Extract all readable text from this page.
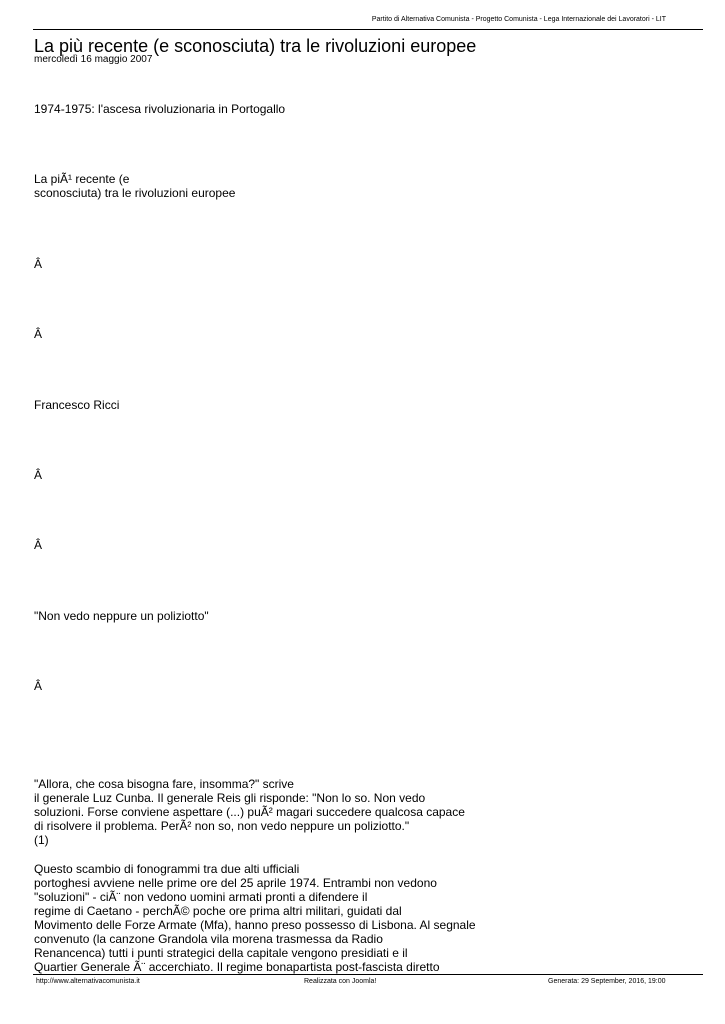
Partito di Alternativa Comunista - Progetto Comunista - Lega Internazionale dei Lavoratori - LIT
La più recente (e sconosciuta) tra le rivoluzioni europee
mercoledì 16 maggio 2007
1974-1975: l'ascesa rivoluzionaria in Portogallo
La piÃ¹ recente (e
sconosciuta) tra le rivoluzioni europee
Â
Â
Francesco Ricci
Â
Â
"Non vedo neppure un poliziotto"
Â
"Allora, che cosa bisogna fare, insomma?" scrive
il generale Luz Cunba. Il generale Reis gli risponde: "Non lo so. Non vedo
soluzioni. Forse conviene aspettare (...) puÃ² magari succedere qualcosa capace
di risolvere il problema. PerÃ² non so, non vedo neppure un poliziotto."
(1)
Questo scambio di fonogrammi tra due alti ufficiali
portoghesi avviene nelle prime ore del 25 aprile 1974. Entrambi non vedono
"soluzioni" - ciÃ¨ non vedono uomini armati pronti a difendere il
regime di Caetano - perchÃ© poche ore prima altri militari, guidati dal
Movimento delle Forze Armate (Mfa), hanno preso possesso di Lisbona. Al segnale
convenuto (la canzone Grandola vila morena trasmessa da Radio
Renancenca) tutti i punti strategici della capitale vengono presidiati e il
Quartier Generale Ã¨ accerchiato. Il regime bonapartista post-fascista diretto
http://www.alternativacomunista.it	Realizzata con Joomla!	Generata: 29 September, 2016, 19:00
